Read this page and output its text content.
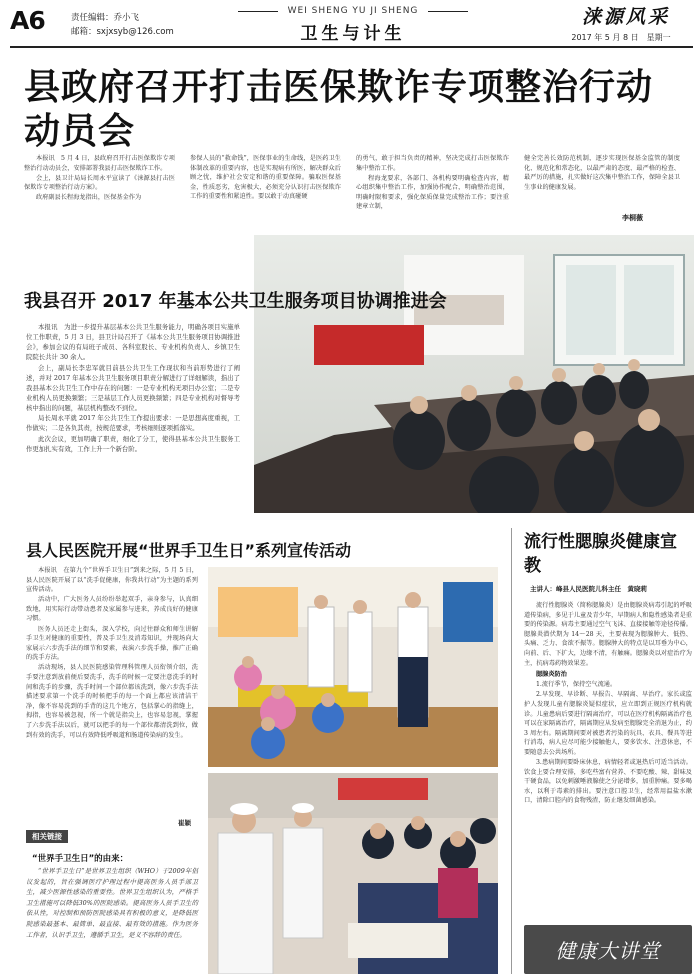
A6	责任编辑：乔小飞
邮箱：sxjxsyb@126.com
WEI SHENG YU JI SHENG
卫生与计生
涞源风采
2017 年 5 月 8 日　星期一
县政府召开打击医保欺诈专项整治行动动员会

本报讯　5 月 4 日，县政府召开打击医保欺诈专项整治行动动员会，安排部署我县打击医保欺诈工作。

会上，县卫计局局长周永平宣读了《涞源县打击医保欺诈专项整治行动方案》。

政府副县长程海龙指出，医保基金作为

参保人员的“救命钱”，医保事业的生命线，是医药卫生体制改革的重要内容，也是实现病有所医，解决群众后顾之忧，维护社会安定和谐的重要保障。骗取医保基金，性质恶劣，危害极大，必须充分认识打击医保欺诈工作的重要性和紧迫性。要以敢于动真碰硬

的勇气，敢于担当负责的精神，坚决完成打击医保欺诈集中整治工作。

程海龙要求，各部门、各机构要明确检查内容，精心组织集中整治工作，加强协作配合，明确整治范围，明确时限和要求，强化保质保量完成整治工作；要注重建章立制，

健全完善长效防范机制，逐步实现医保基金监管的制度化、规范化和常态化，以最严肃的态度、最严格的检查、最严厉的措施，扎实做好这次集中整治工作，保障全县卫生事业的健康发展。

李桐薇
我县召开 2017 年基本公共卫生服务项目协调推进会

本报讯　为进一步提升基层基本公共卫生服务能力，明确各项目实施单位工作职责，5 月 3 日，县卫计局召开了《基本公共卫生服务项目协调推进会》，参加会议的有局班子成员、各科室股长、专业机构负责人、乡镇卫生院院长共计 30 余人。

会上，副局长李忠军就目前县公共卫生工作现状和当前形势进行了阐述，并对 2017 年基本公共卫生服务项目职责分解进行了详细解读，指出了我县基本公共卫生工作中存在的问题：一是专业机构无项目办公室；二是专业机构人员更换频繁；三是基层工作人员更换频繁；四是专业机构对督导考核中指出的问题，基层机构整改不到位。

局长周永平就 2017 年公共卫生工作提出要求：一是思想高度重视，工作做实；二是各负其责，按规范要求，考核细则逐项抓落实。

此次会议，更加明确了职责，细化了分工，使得县基本公共卫生服务工作更加扎实有效，工作上升一个新台阶。

县人民医院开展“世界手卫生日”系列宣传活动

本报讯　在第九个“世界手卫生日”到来之际，5 月 5 日，县人民医院开展了以“洗手促健康，你我共行动”为主题的系列宣传活动。

活动中，广大医务人员纷纷举起双手，亲身参与，认真细致地，用实际行动带动患者及家属参与进来，养成良好的健康习惯。

医务人员还走上街头，深入学校，向过往群众和师生讲解手卫生对健康的重要性，普及手卫生及消毒知识，并现场向大家展示六步洗手法的细节和要素，表演六步洗手操，推广正确的洗手方法。

活动现场，县人民医院感染管理科管理人员衔领介绍，洗手要注意到放前便后要洗手，洗手的时候一定要注意洗手的时间和洗手的步骤，洗手时间一个部位都该洗到，像六步洗手法描述要求第一个洗手的时候把手的每一个面上都应该清洁干净，像不容易洗到的手背的这几个地方，包括掌心的指缝上，拇指，也容易被忽视，所一个就是指尖上，也容易忽视，掌握了六步洗手法以后，就可以把手的每一个部位都清洗到位，做到有效的洗手，可以有效降低呼吸道和肠道传染病的发生。

崔颖
相关链接
“世界手卫生日”的由来：
“世界手卫生日”是世界卫生组织（WHO）于2009年倡议发起的，旨在强调医疗护理过程中提高医务人员手部卫生，减少医源性感染的重要性。世界卫生组织认为，严格手卫生措施可以降低30%的医院感染。提高医务人员手卫生的依从性，对控制和预防医院感染具有积极的意义，是降低医院感染最基本、最简单、最直接、最有效的措施。作为医务工作者，认识手卫生，遵循手卫生，是义不容辞的责任。
流行性腮腺炎健康宣教
主讲人：峰县人民医院儿科主任　黄晓莉

流行性腮腺炎（简称腮腺炎）是由腮腺炎病毒引起的呼吸道传染病，多见于儿童及青少年，早期病人和隐性感染者是重要的传染源。病毒主要通过空气飞沫、直接接触等途径传播。腮腺炎潜伏期为 14～28 天，主要表现为腮腺肿大、低热、头痛、乏力、食欲不振等。腮腺肿大的特点是以耳垂为中心，向前、后、下扩大，边缘不清，有触痛。腮腺炎以对症治疗为主，抗病毒药物效果差。

腮腺炎防治

1.流行季节，保持空气流通。

2.早发现、早诊断、早报告、早隔离、早治疗。家长或监护人发现儿童有腮腺炎疑似症状，应立即到正规医疗机构就诊。儿童患病后要进行隔离治疗，可以在医疗机构隔离治疗也可以在家隔离治疗，隔离期应从发病至腮腺完全消退为止，约 3 周左右。隔离期间要对被患者污染的玩具、衣具、餐具等进行消毒，病人应尽可能少接触他人，要多饮水、注意休息，不要随意去公共场所。

3.患病期间要卧床休息，病情轻者或退热后可适当活动。饮食上要合理安排，多吃些富有营养、不要吃酸、辣、甜味及干硬食品，以免刺激唾液腺使之分泌增多，加重肿痛。要多喝水，以利于毒素的排出。要注意口腔卫生，经常用温盐水漱口，清除口腔内的食物残渣，防止继发细菌感染。

健康大讲堂
